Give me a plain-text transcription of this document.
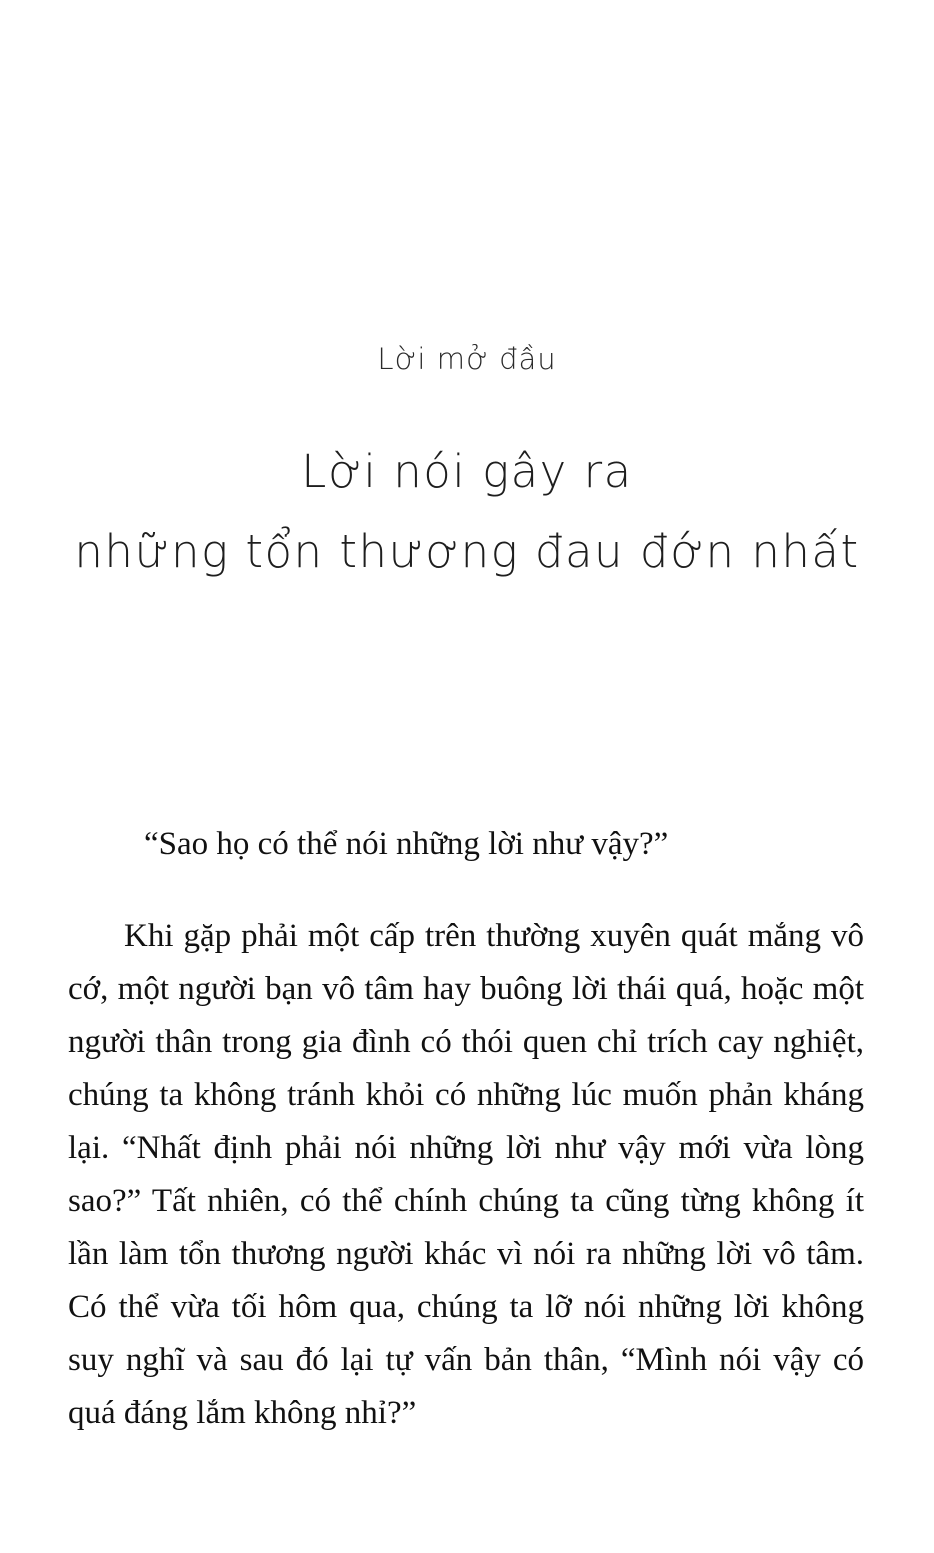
Lời mở đầu
Lời nói gây ra
những tổn thương đau đớn nhất

“Sao họ có thể nói những lời như vậy?”

Khi gặp phải một cấp trên thường xuyên quát mắng vô cớ, một người bạn vô tâm hay buông lời thái quá, hoặc một người thân trong gia đình có thói quen chỉ trích cay nghiệt, chúng ta không tránh khỏi có những lúc muốn phản kháng lại. “Nhất định phải nói những lời như vậy mới vừa lòng sao?” Tất nhiên, có thể chính chúng ta cũng từng không ít lần làm tổn thương người khác vì nói ra những lời vô tâm. Có thể vừa tối hôm qua, chúng ta lỡ nói những lời không suy nghĩ và sau đó lại tự vấn bản thân, “Mình nói vậy có quá đáng lắm không nhỉ?”
